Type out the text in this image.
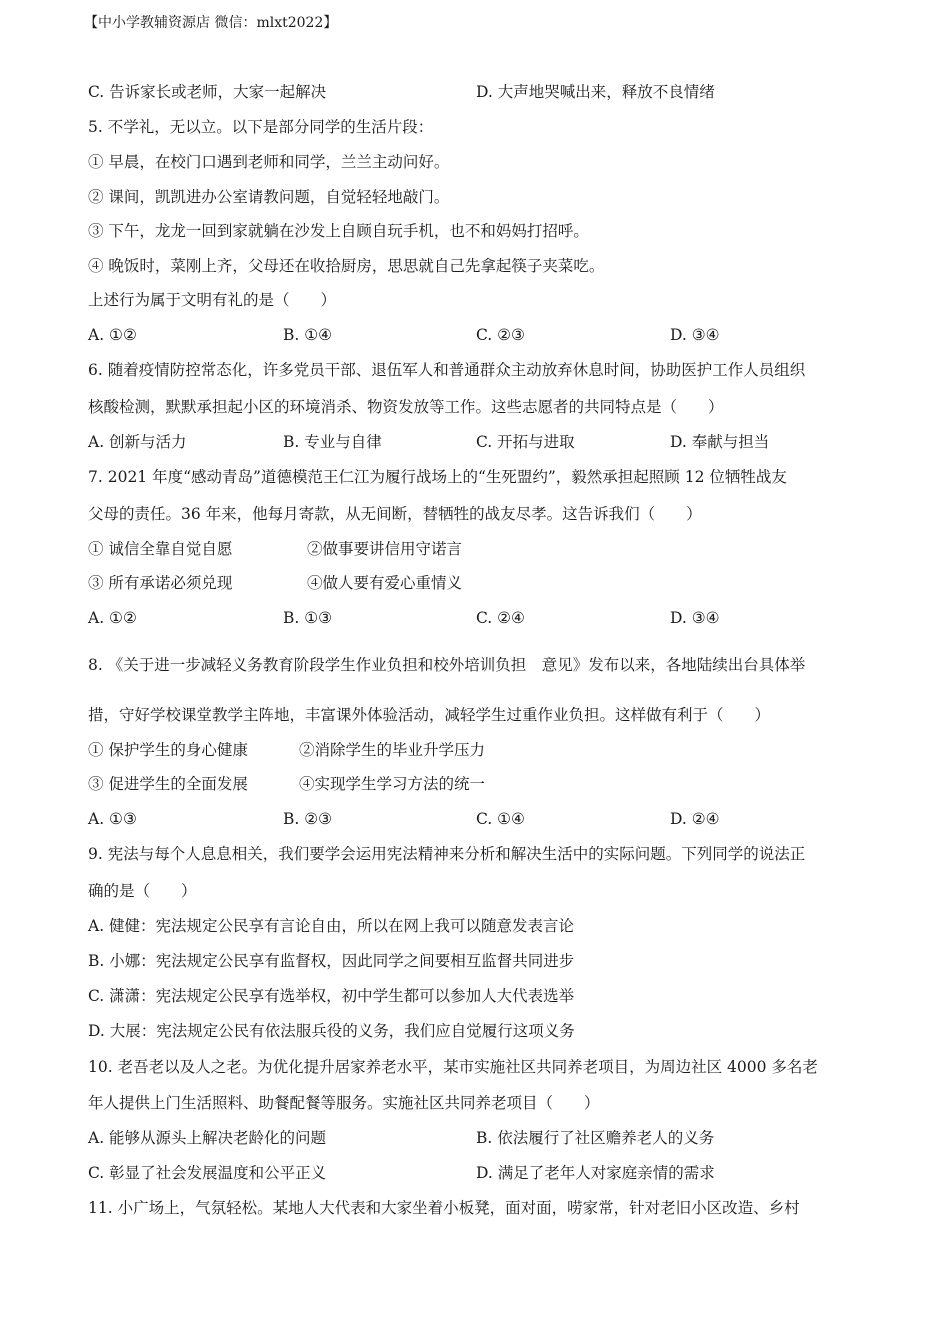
【中小学教辅资源店 微信：mlxt2022】
C. 告诉家长或老师，大家一起解决	D. 大声地哭喊出来，释放不良情绪
5. 不学礼，无以立。以下是部分同学的生活片段：
① 早晨，在校门口遇到老师和同学，兰兰主动问好。
② 课间，凯凯进办公室请教问题，自觉轻轻地敲门。
③ 下午，龙龙一回到家就躺在沙发上自顾自玩手机，也不和妈妈打招呼。
④ 晚饭时，菜刚上齐，父母还在收拾厨房，思思就自己先拿起筷子夹菜吃。
上述行为属于文明有礼的是（　　）
A. ①②	B. ①④	C. ②③	D. ③④
6. 随着疫情防控常态化，许多党员干部、退伍军人和普通群众主动放弃休息时间，协助医护工作人员组织
核酸检测，默默承担起小区的环境消杀、物资发放等工作。这些志愿者的共同特点是（　　）
A. 创新与活力	B. 专业与自律	C. 开拓与进取	D. 奉献与担当
7. 2021 年度“感动青岛”道德模范王仁江为履行战场上的“生死盟约”，毅然承担起照顾 12 位牺牲战友
父母的责任。36 年来，他每月寄款，从无间断，替牺牲的战友尽孝。这告诉我们（　　）
① 诚信全靠自觉自愿	②做事要讲信用守诺言
③ 所有承诺必须兑现	④做人要有爱心重情义
A. ①②	B. ①③	C. ②④	D. ③④
8. 《关于进一步减轻义务教育阶段学生作业负担和校外培训负担　意见》发布以来，各地陆续出台具体举
措，守好学校课堂教学主阵地，丰富课外体验活动，减轻学生过重作业负担。这样做有利于（　　）
① 保护学生的身心健康	②消除学生的毕业升学压力
③ 促进学生的全面发展	④实现学生学习方法的统一
A. ①③	B. ②③	C. ①④	D. ②④
9. 宪法与每个人息息相关，我们要学会运用宪法精神来分析和解决生活中的实际问题。下列同学的说法正
确的是（　　）
A. 健健：宪法规定公民享有言论自由，所以在网上我可以随意发表言论
B. 小娜：宪法规定公民享有监督权，因此同学之间要相互监督共同进步
C. 潇潇：宪法规定公民享有选举权，初中学生都可以参加人大代表选举
D. 大展：宪法规定公民有依法服兵役的义务，我们应自觉履行这项义务
10. 老吾老以及人之老。为优化提升居家养老水平，某市实施社区共同养老项目，为周边社区 4000 多名老
年人提供上门生活照料、助餐配餐等服务。实施社区共同养老项目（　　）
A. 能够从源头上解决老龄化的问题	B. 依法履行了社区赡养老人的义务
C. 彰显了社会发展温度和公平正义	D. 满足了老年人对家庭亲情的需求
11. 小广场上，气氛轻松。某地人大代表和大家坐着小板凳，面对面，唠家常，针对老旧小区改造、乡村
